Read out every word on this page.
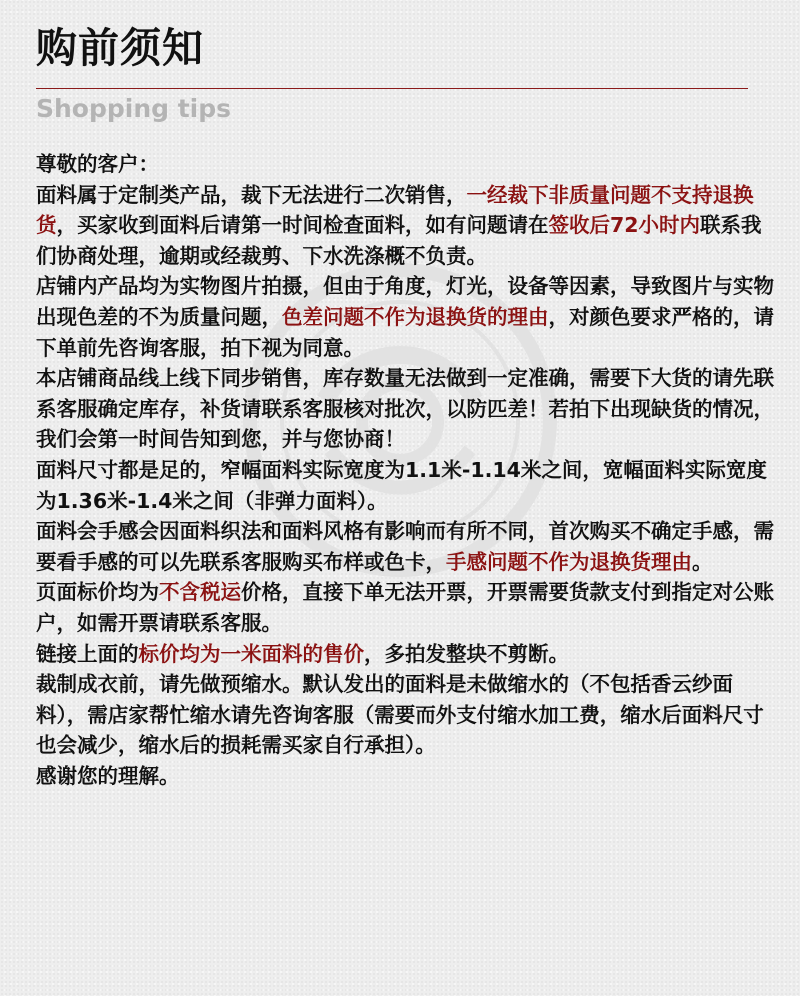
购前须知
Shopping tips

尊敬的客户：

面料属于定制类产品，裁下无法进行二次销售，一经裁下非质量问题不支持退换货，买家收到面料后请第一时间检查面料，如有问题请在签收后72小时内联系我们协商处理，逾期或经裁剪、下水洗涤概不负责。

店铺内产品均为实物图片拍摄，但由于角度，灯光，设备等因素，导致图片与实物出现色差的不为质量问题，色差问题不作为退换货的理由，对颜色要求严格的，请下单前先咨询客服，拍下视为同意。

本店铺商品线上线下同步销售，库存数量无法做到一定准确，需要下大货的请先联系客服确定库存，补货请联系客服核对批次，以防匹差！若拍下出现缺货的情况，我们会第一时间告知到您，并与您协商！

面料尺寸都是足的，窄幅面料实际宽度为1.1米-1.14米之间，宽幅面料实际宽度为1.36米-1.4米之间（非弹力面料）。

面料会手感会因面料织法和面料风格有影响而有所不同，首次购买不确定手感，需要看手感的可以先联系客服购买布样或色卡，手感问题不作为退换货理由。

页面标价均为不含税运价格，直接下单无法开票，开票需要货款支付到指定对公账户，如需开票请联系客服。

链接上面的标价均为一米面料的售价，多拍发整块不剪断。

裁制成衣前，请先做预缩水。默认发出的面料是未做缩水的（不包括香云纱面料），需店家帮忙缩水请先咨询客服（需要而外支付缩水加工费，缩水后面料尺寸也会减少，缩水后的损耗需买家自行承担）。

感谢您的理解。
